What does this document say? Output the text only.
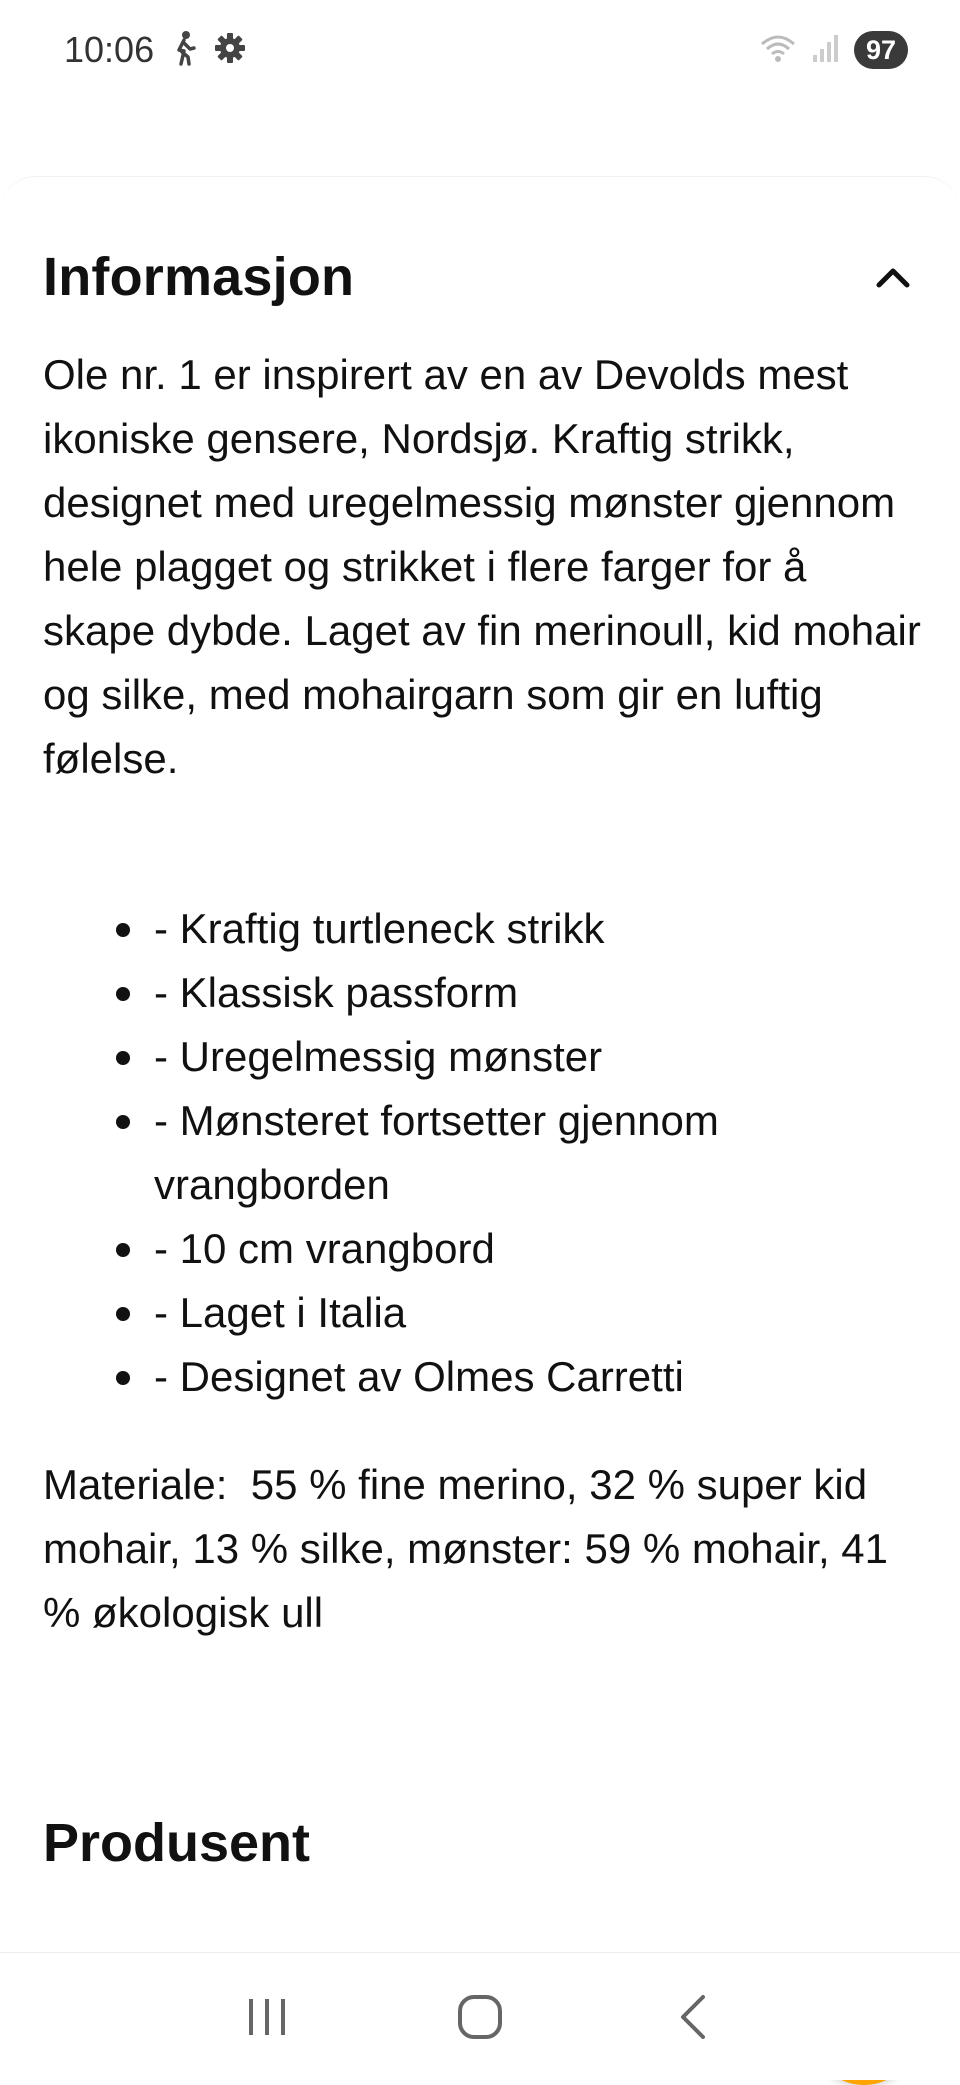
10:06	97
Informasjon

Ole nr. 1 er inspirert av en av Devolds mest ikoniske gensere, Nordsjø. Kraftig strikk, designet med uregelmessig mønster gjennom hele plagget og strikket i flere farger for å skape dybde. Laget av fin merinoull, kid mohair og silke, med mohairgarn som gir en luftig følelse.

- Kraftig turtleneck strikk
- Klassisk passform
- Uregelmessig mønster
- Mønsteret fortsetter gjennom vrangborden
- 10 cm vrangbord
- Laget i Italia
- Designet av Olmes Carretti

Materiale:  55 % fine merino, 32 % super kid mohair, 13 % silke, mønster: 59 % mohair, 41 % økologisk ull

Produsent
